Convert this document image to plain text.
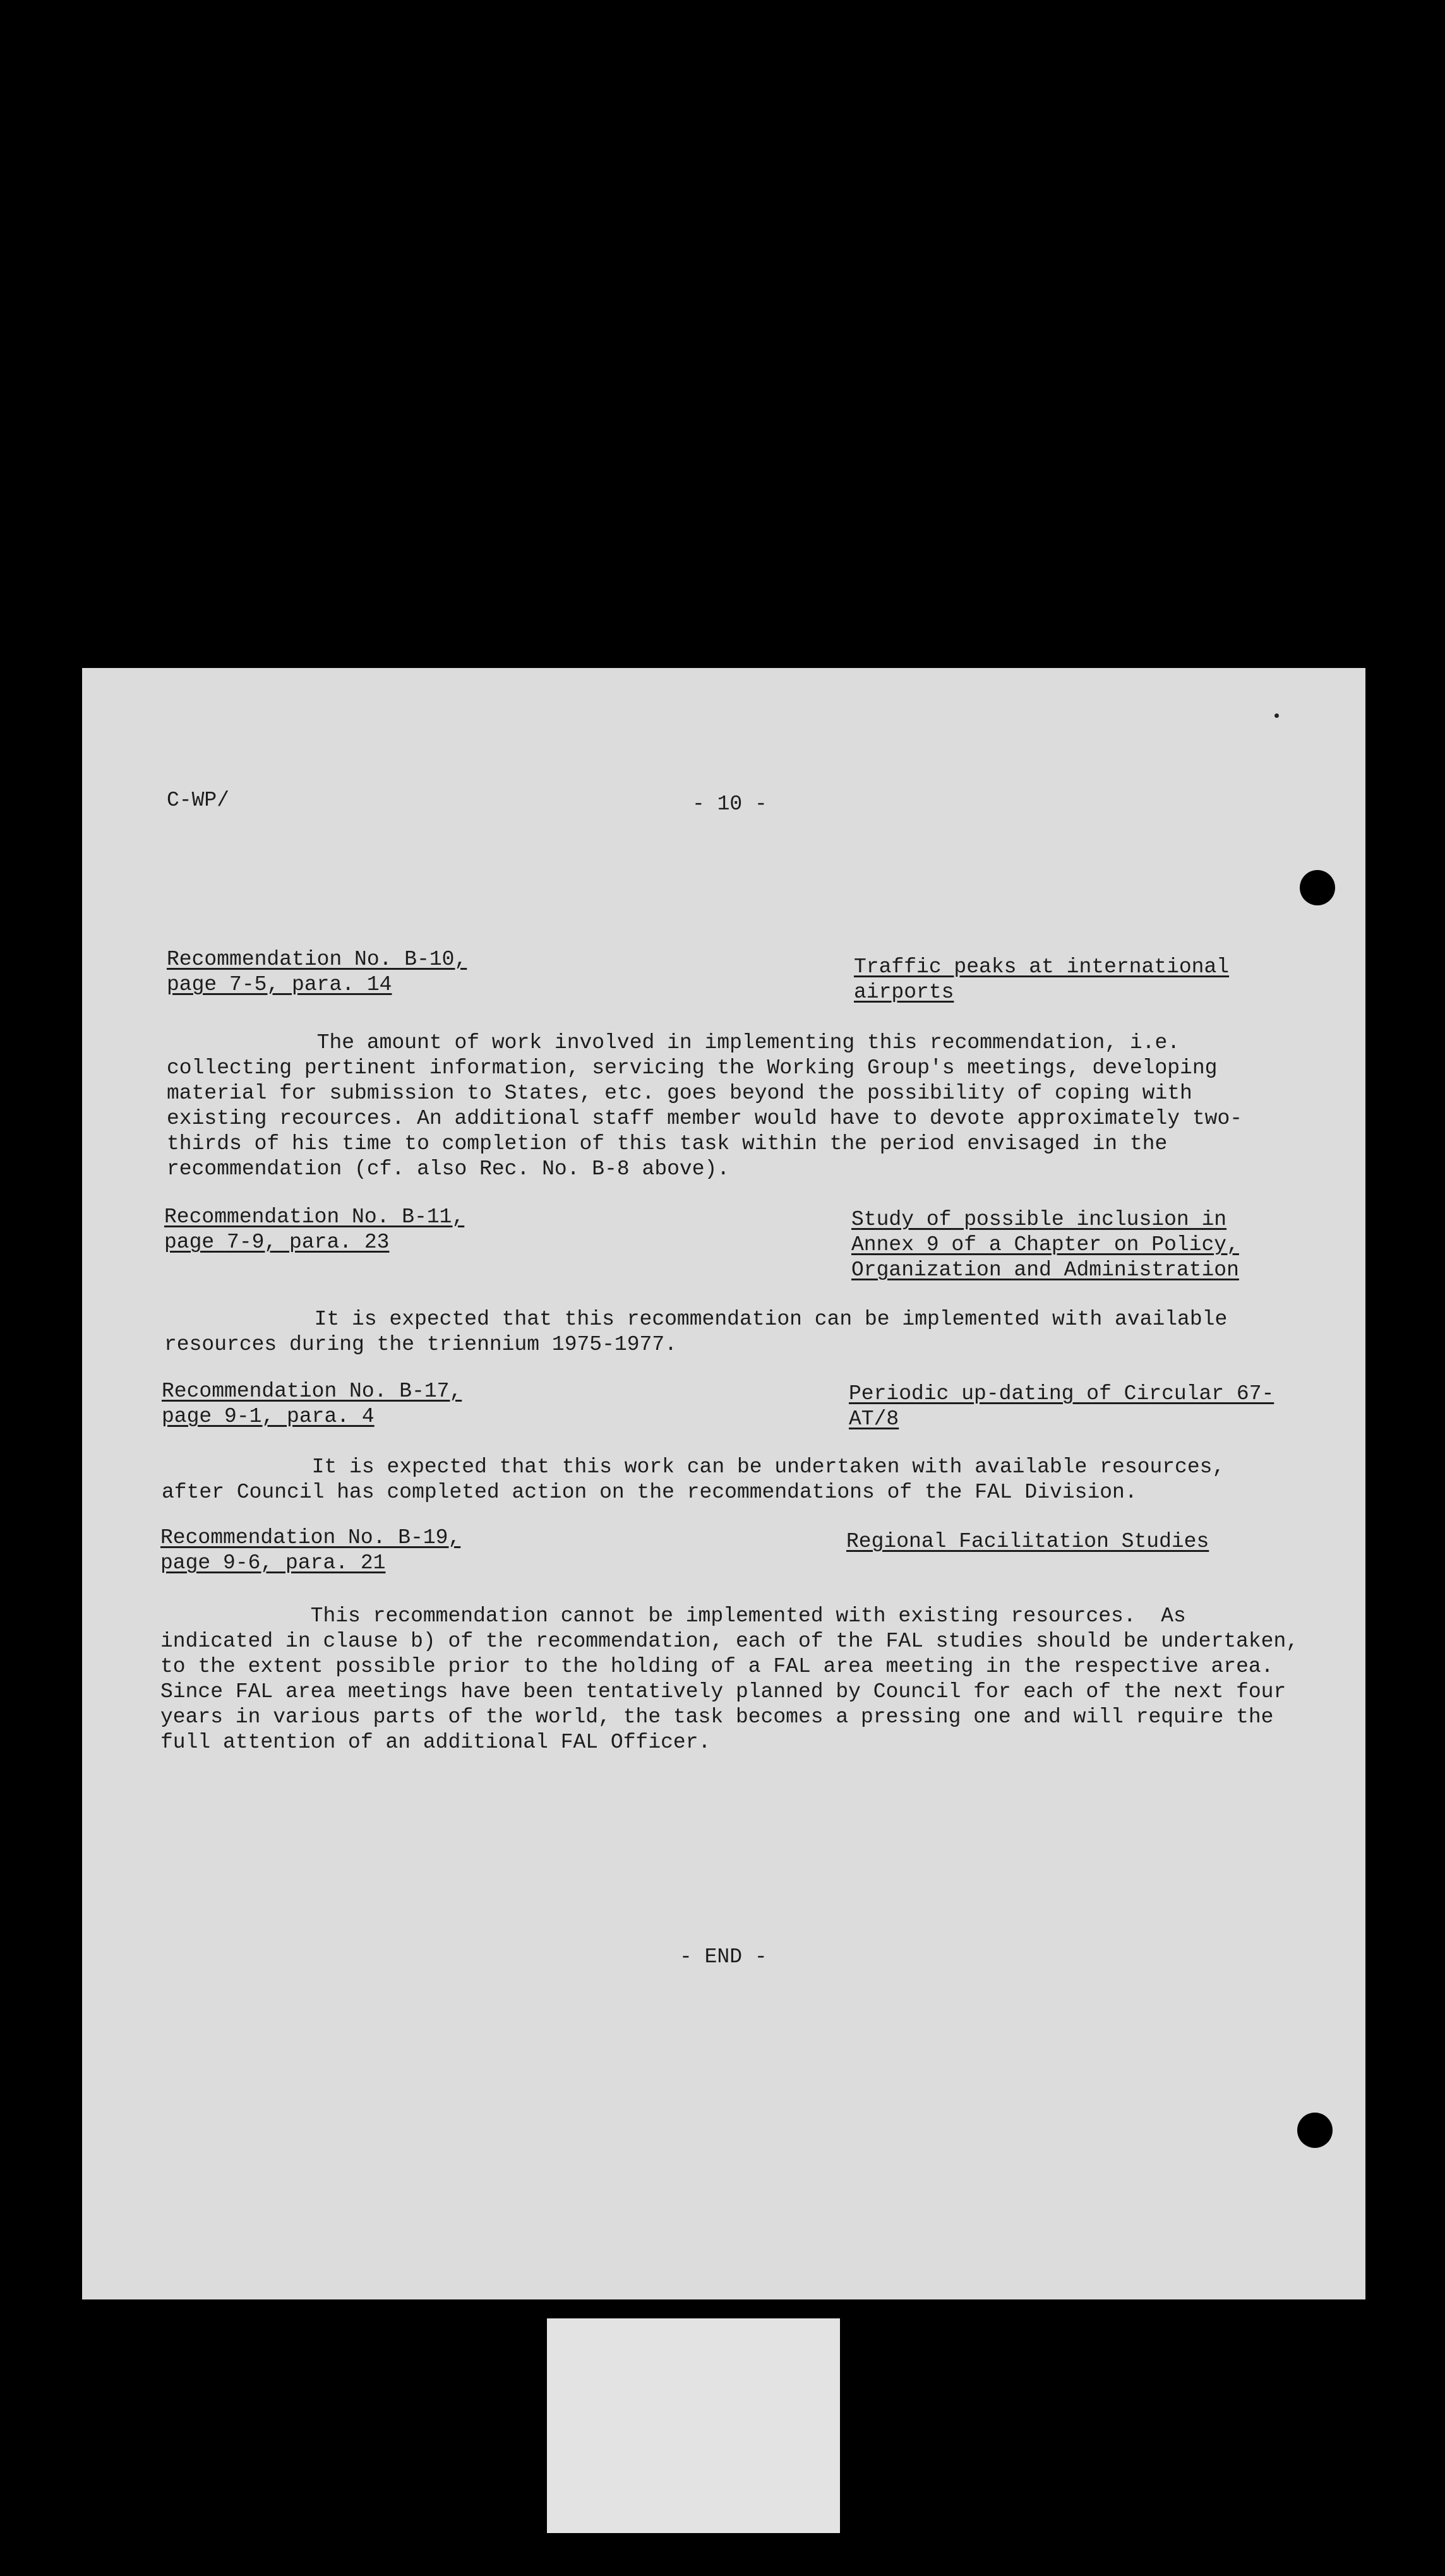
C-WP/	- 10 -
Recommendation No. B-10,
page 7-5, para. 14
Traffic peaks at international
airports
The amount of work involved in implementing this recommendation, i.e.
collecting pertinent information, servicing the Working Group's meetings, developing
material for submission to States, etc. goes beyond the possibility of coping with
existing recources. An additional staff member would have to devote approximately two-
thirds of his time to completion of this task within the period envisaged in the
recommendation (cf. also Rec. No. B-8 above).
Recommendation No. B-11,
page 7-9, para. 23
Study of possible inclusion in
Annex 9 of a Chapter on Policy,
Organization and Administration
It is expected that this recommendation can be implemented with available
resources during the triennium 1975-1977.
Recommendation No. B-17,
page 9-1, para. 4
Periodic up-dating of Circular 67-
AT/8
It is expected that this work can be undertaken with available resources,
after Council has completed action on the recommendations of the FAL Division.
Recommendation No. B-19,
page 9-6, para. 21
Regional Facilitation Studies
This recommendation cannot be implemented with existing resources.  As
indicated in clause b) of the recommendation, each of the FAL studies should be undertaken,
to the extent possible prior to the holding of a FAL area meeting in the respective area.
Since FAL area meetings have been tentatively planned by Council for each of the next four
years in various parts of the world, the task becomes a pressing one and will require the
full attention of an additional FAL Officer.
- END -
